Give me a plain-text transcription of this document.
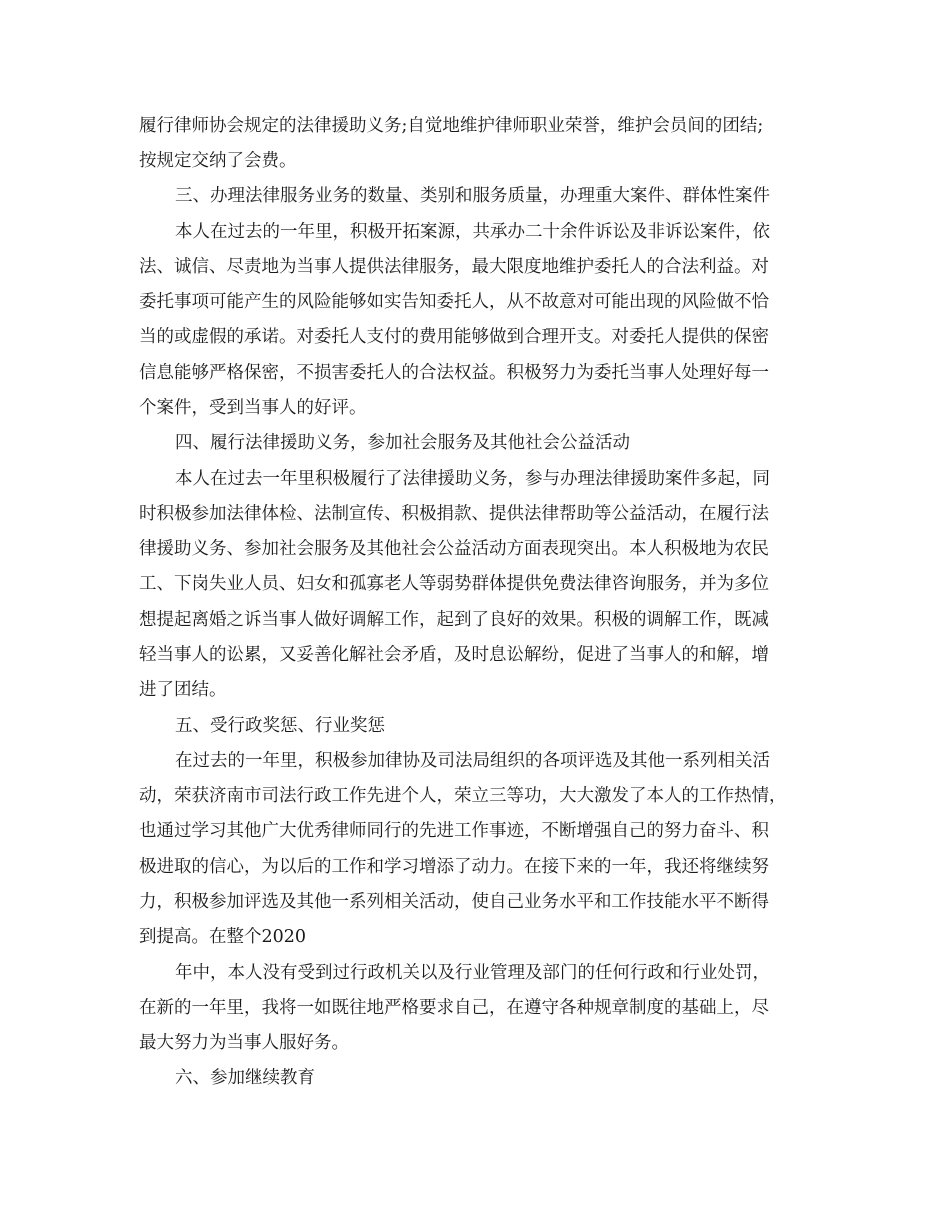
履行律师协会规定的法律援助义务;自觉地维护律师职业荣誉，维护会员间的团结;
按规定交纳了会费。
三、办理法律服务业务的数量、类别和服务质量，办理重大案件、群体性案件
本人在过去的一年里，积极开拓案源，共承办二十余件诉讼及非诉讼案件，依
法、诚信、尽责地为当事人提供法律服务，最大限度地维护委托人的合法利益。对
委托事项可能产生的风险能够如实告知委托人，从不故意对可能出现的风险做不恰
当的或虚假的承诺。对委托人支付的费用能够做到合理开支。对委托人提供的保密
信息能够严格保密，不损害委托人的合法权益。积极努力为委托当事人处理好每一
个案件，受到当事人的好评。
四、履行法律援助义务，参加社会服务及其他社会公益活动
本人在过去一年里积极履行了法律援助义务，参与办理法律援助案件多起，同
时积极参加法律体检、法制宣传、积极捐款、提供法律帮助等公益活动，在履行法
律援助义务、参加社会服务及其他社会公益活动方面表现突出。本人积极地为农民
工、下岗失业人员、妇女和孤寡老人等弱势群体提供免费法律咨询服务，并为多位
想提起离婚之诉当事人做好调解工作，起到了良好的效果。积极的调解工作，既减
轻当事人的讼累，又妥善化解社会矛盾，及时息讼解纷，促进了当事人的和解，增
进了团结。
五、受行政奖惩、行业奖惩
在过去的一年里，积极参加律协及司法局组织的各项评选及其他一系列相关活
动，荣获济南市司法行政工作先进个人，荣立三等功，大大激发了本人的工作热情，
也通过学习其他广大优秀律师同行的先进工作事迹，不断增强自己的努力奋斗、积
极进取的信心，为以后的工作和学习增添了动力。在接下来的一年，我还将继续努
力，积极参加评选及其他一系列相关活动，使自己业务水平和工作技能水平不断得
到提高。在整个2020
年中，本人没有受到过行政机关以及行业管理及部门的任何行政和行业处罚，
在新的一年里，我将一如既往地严格要求自己，在遵守各种规章制度的基础上，尽
最大努力为当事人服好务。
六、参加继续教育
